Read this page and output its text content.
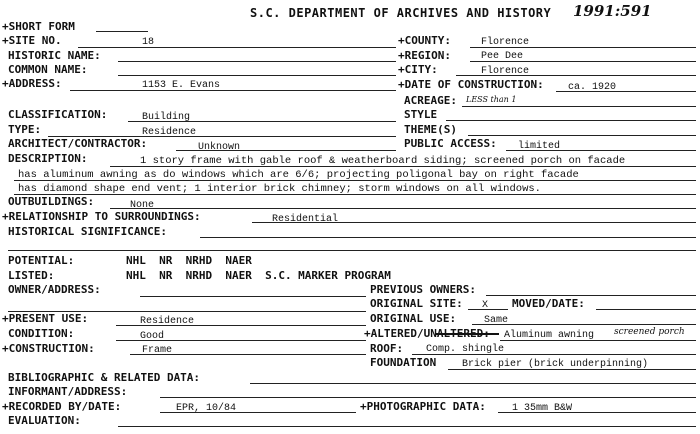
S.C. DEPARTMENT OF ARCHIVES AND HISTORY 1991:591
+SHORT FORM
+SITE NO.	18	+COUNTY:	Florence
HISTORIC NAME:	+REGION:	Pee Dee
COMMON NAME:	+CITY:	Florence
+ADDRESS:	1153 E. Evans	+DATE OF CONSTRUCTION: ca. 1920
ACREAGE: LESS than 1
CLASSIFICATION:	Building	STYLE
TYPE:	Residence	THEME(S)
ARCHITECT/CONTRACTOR:	Unknown	PUBLIC ACCESS: limited
DESCRIPTION:	1 story frame with gable roof & weatherboard siding; screened porch on facade
has aluminum awning as do windows which are 6/6; projecting poligonal bay on right facade
has diamond shape end vent; 1 interior brick chimney; storm windows on all windows.
OUTBUILDINGS:	None
+RELATIONSHIP TO SURROUNDINGS:	Residential
HISTORICAL SIGNIFICANCE:
POTENTIAL:	NHL  NR  NRHD  NAER
LISTED:	NHL  NR  NRHD  NAER  S.C. MARKER PROGRAM
OWNER/ADDRESS:	PREVIOUS OWNERS:
ORIGINAL SITE: X MOVED/DATE:
+PRESENT USE:	Residence	ORIGINAL USE:	Same
CONDITION:	Good	+ALTERED/UNALTERED: Aluminum awning screened porch
+CONSTRUCTION:	Frame	ROOF: Comp. shingle
FOUNDATION	Brick pier (brick underpinning)
BIBLIOGRAPHIC & RELATED DATA:
INFORMANT/ADDRESS:
+RECORDED BY/DATE:	EPR, 10/84	+PHOTOGRAPHIC DATA:	1 35mm B&W
EVALUATION:
